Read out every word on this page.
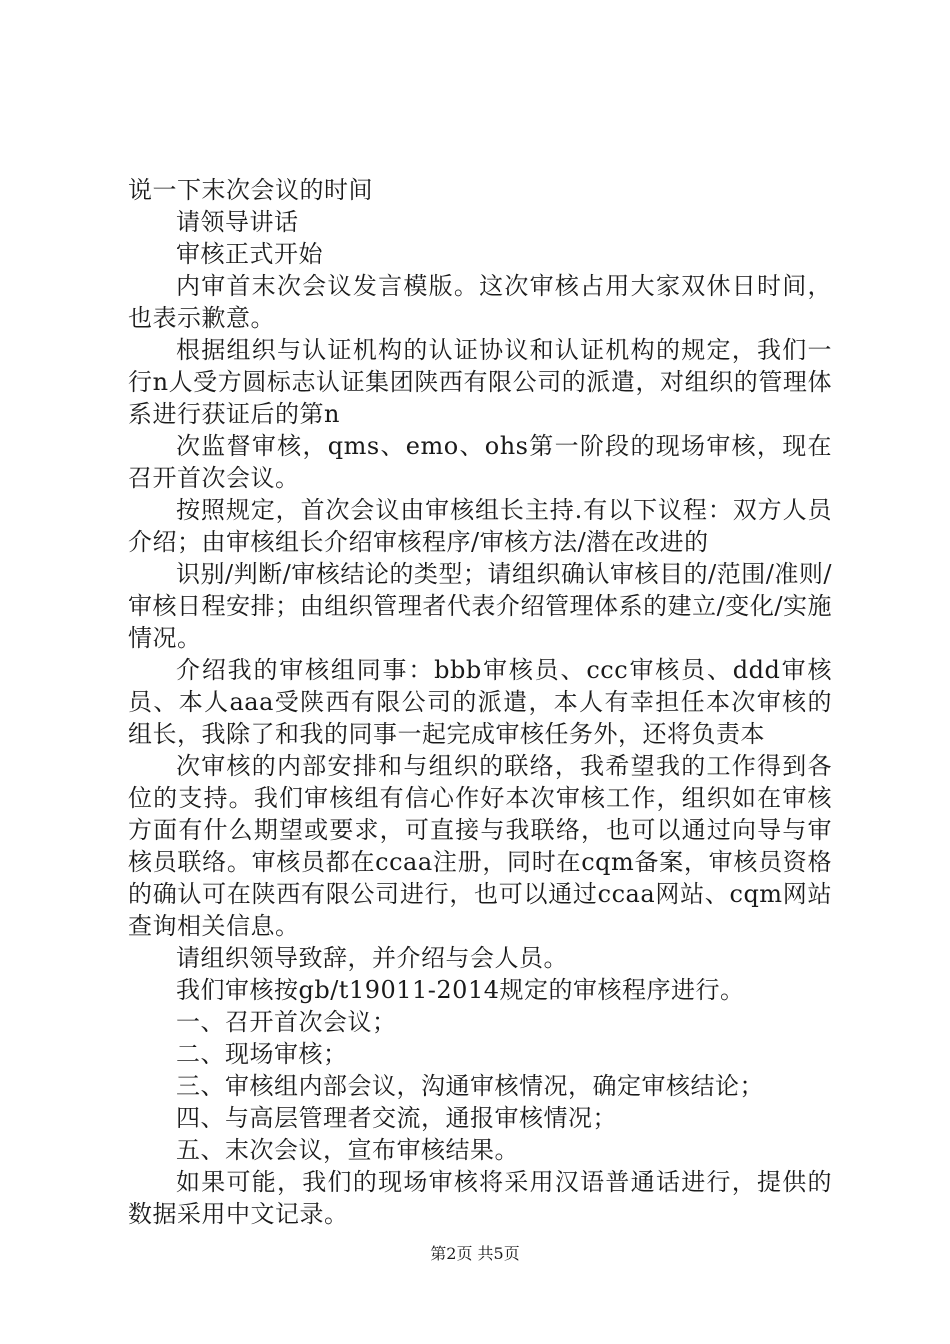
说一下末次会议的时间

请领导讲话

审核正式开始

内审首末次会议发言模版。这次审核占用大家双休日时间，也表示歉意。

根据组织与认证机构的认证协议和认证机构的规定，我们一行n人受方圆标志认证集团陕西有限公司的派遣，对组织的管理体系进行获证后的第n

次监督审核，qms、emo、ohs第一阶段的现场审核，现在召开首次会议。

按照规定，首次会议由审核组长主持.有以下议程：双方人员介绍；由审核组长介绍审核程序/审核方法/潜在改进的

识别/判断/审核结论的类型；请组织确认审核目的/范围/准则/审核日程安排；由组织管理者代表介绍管理体系的建立/变化/实施情况。

介绍我的审核组同事：bbb审核员、ccc审核员、ddd审核员、本人aaa受陕西有限公司的派遣，本人有幸担任本次审核的组长，我除了和我的同事一起完成审核任务外，还将负责本

次审核的内部安排和与组织的联络，我希望我的工作得到各位的支持。我们审核组有信心作好本次审核工作，组织如在审核方面有什么期望或要求，可直接与我联络，也可以通过向导与审核员联络。审核员都在ccaa注册，同时在cqm备案，审核员资格的确认可在陕西有限公司进行，也可以通过ccaa网站、cqm网站查询相关信息。

请组织领导致辞，并介绍与会人员。

我们审核按gb/t19011-2014规定的审核程序进行。

一、召开首次会议；

二、现场审核；

三、审核组内部会议，沟通审核情况，确定审核结论；

四、与高层管理者交流，通报审核情况；

五、末次会议，宣布审核结果。

如果可能，我们的现场审核将采用汉语普通话进行，提供的数据采用中文记录。

第2页 共5页
